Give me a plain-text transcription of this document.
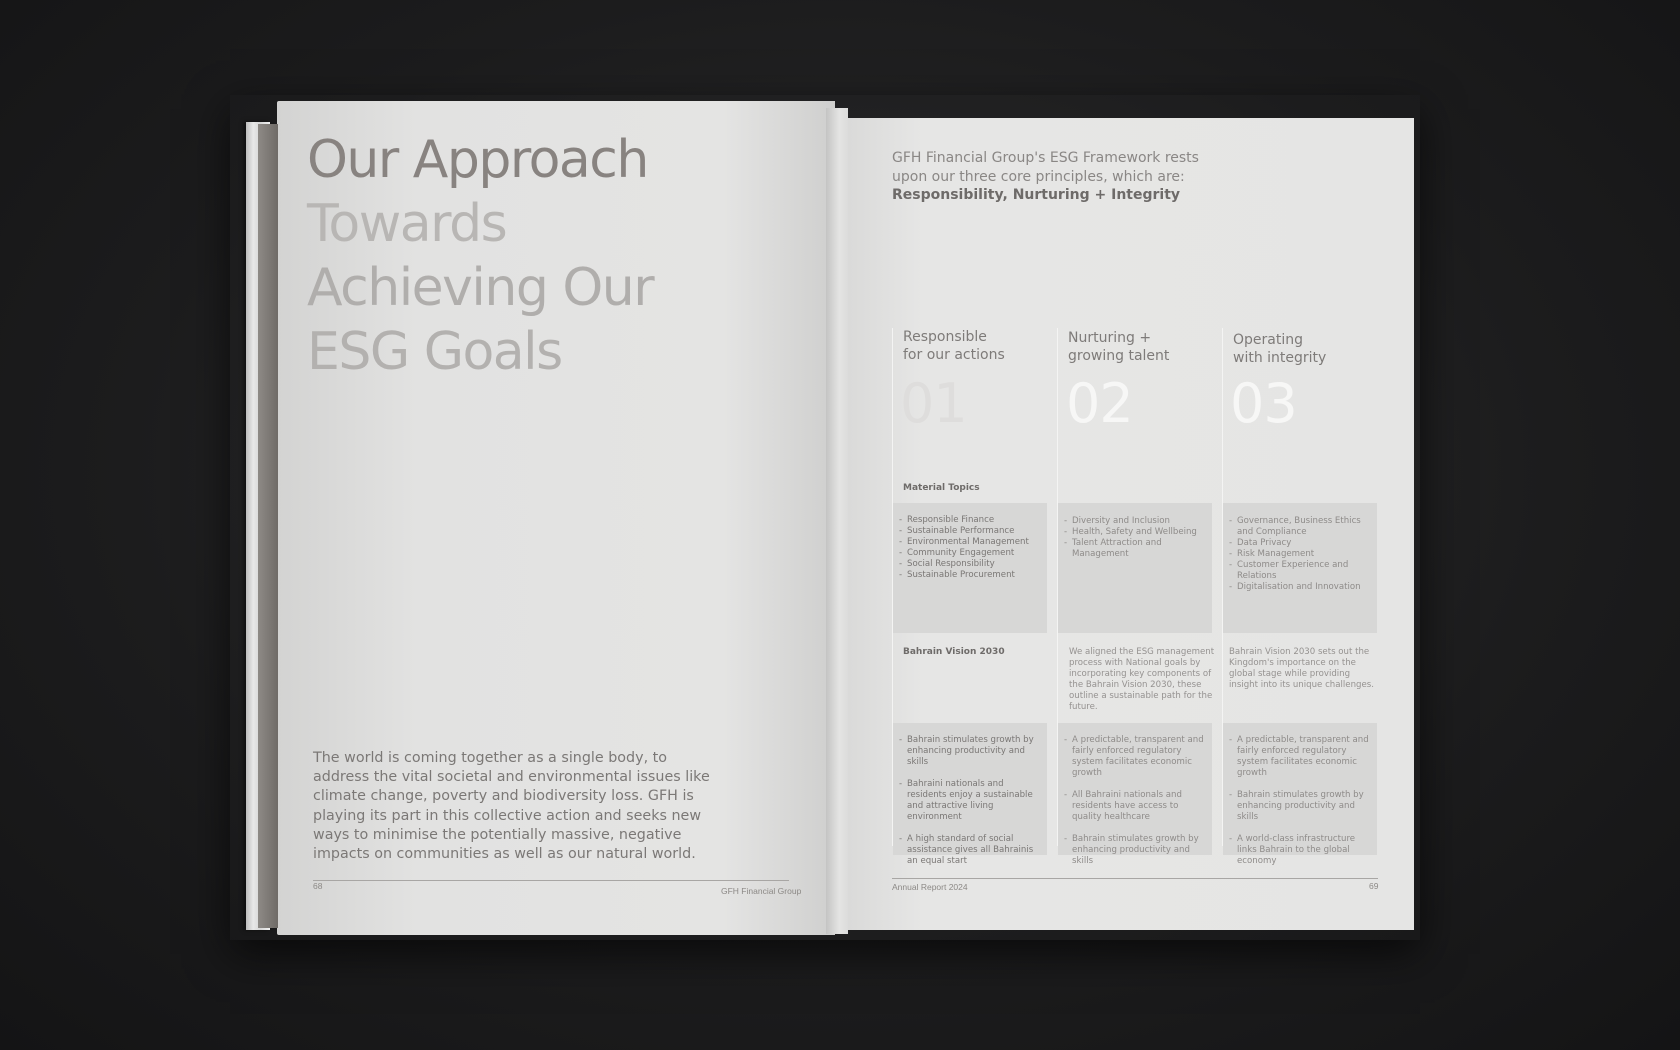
Our Approach
Towards
Achieving Our
ESG Goals

The world is coming together as a single body, to address the vital societal and environmental issues like climate change, poverty and biodiversity loss. GFH is playing its part in this collective action and seeks new ways to minimise the potentially massive, negative impacts on communities as well as our natural world.

68	GFH Financial Group
GFH Financial Group's ESG Framework rests upon our three core principles, which are:
Responsibility, Nurturing + Integrity
Responsible
for our actions
Nurturing +
growing talent
Operating
with integrity
01 02 03
Material Topics
Bahrain Vision 2030
- Responsible Finance
- Sustainable Performance
- Environmental Management
- Community Engagement
- Social Responsibility
- Sustainable Procurement
- Diversity and Inclusion
- Health, Safety and Wellbeing
- Talent Attraction and Management
- Governance, Business Ethics and Compliance
- Data Privacy
- Risk Management
- Customer Experience and Relations
- Digitalisation and Innovation
We aligned the ESG management process with National goals by incorporating key components of the Bahrain Vision 2030, these outline a sustainable path for the future.
Bahrain Vision 2030 sets out the Kingdom's importance on the global stage while providing insight into its unique challenges.
- Bahrain stimulates growth by enhancing productivity and skills
- Bahraini nationals and residents enjoy a sustainable and attractive living environment
- A high standard of social assistance gives all Bahrainis an equal start
- A predictable, transparent and fairly enforced regulatory system facilitates economic growth
- All Bahraini nationals and residents have access to quality healthcare
- Bahrain stimulates growth by enhancing productivity and skills
- A predictable, transparent and fairly enforced regulatory system facilitates economic growth
- Bahrain stimulates growth by enhancing productivity and skills
- A world-class infrastructure links Bahrain to the global economy
Annual Report 2024	69
